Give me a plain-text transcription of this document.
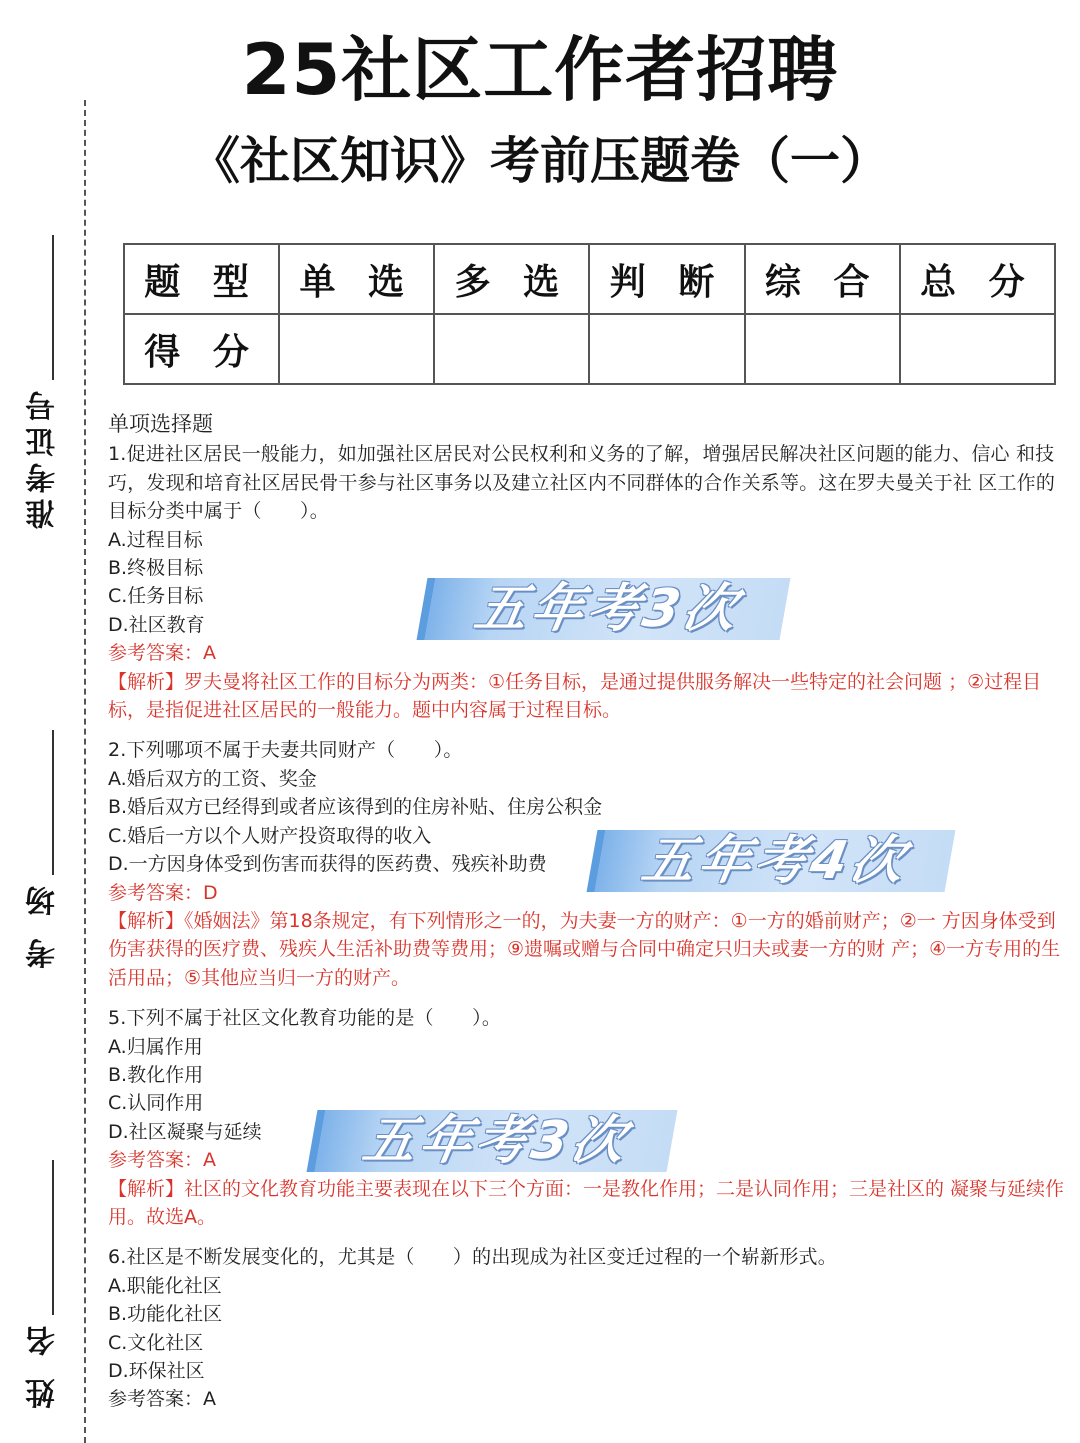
25社区工作者招聘
《社区知识》考前压题卷（一）
准考证号
考 场
姓 名
题 型	单 选	多 选	判 断	综 合	总 分
得 分					

单项选择题

1.促进社区居民一般能力，如加强社区居民对公民权利和义务的了解，增强居民解决社区问题的能力、信心 和技巧，发现和培育社区居民骨干参与社区事务以及建立社区内不同群体的合作关系等。这在罗夫曼关于社 区工作的目标分类中属于（　　）。

A.过程目标

B.终极目标

C.任务目标

D.社区教育

参考答案：A

【解析】罗夫曼将社区工作的目标分为两类：①任务目标，是通过提供服务解决一些特定的社会问题 ；②过程目标，是指促进社区居民的一般能力。题中内容属于过程目标。

2.下列哪项不属于夫妻共同财产（　　）。

A.婚后双方的工资、奖金

B.婚后双方已经得到或者应该得到的住房补贴、住房公积金

C.婚后一方以个人财产投资取得的收入

D.一方因身体受到伤害而获得的医药费、残疾补助费

参考答案：D

【解析】《婚姻法》第18条规定，有下列情形之一的，为夫妻一方的财产：①一方的婚前财产；②一 方因身体受到伤害获得的医疗费、残疾人生活补助费等费用；⑨遗嘱或赠与合同中确定只归夫或妻一方的财 产；④一方专用的生活用品；⑤其他应当归一方的财产。

5.下列不属于社区文化教育功能的是（　　）。

A.归属作用

B.教化作用

C.认同作用

D.社区凝聚与延续

参考答案：A

【解析】社区的文化教育功能主要表现在以下三个方面：一是教化作用；二是认同作用；三是社区的 凝聚与延续作用。故选A。

6.社区是不断发展变化的，尤其是（　　）的出现成为社区变迁过程的一个崭新形式。

A.职能化社区

B.功能化社区

C.文化社区

D.环保社区

参考答案：A

五年考3次
五年考4次
五年考3次
